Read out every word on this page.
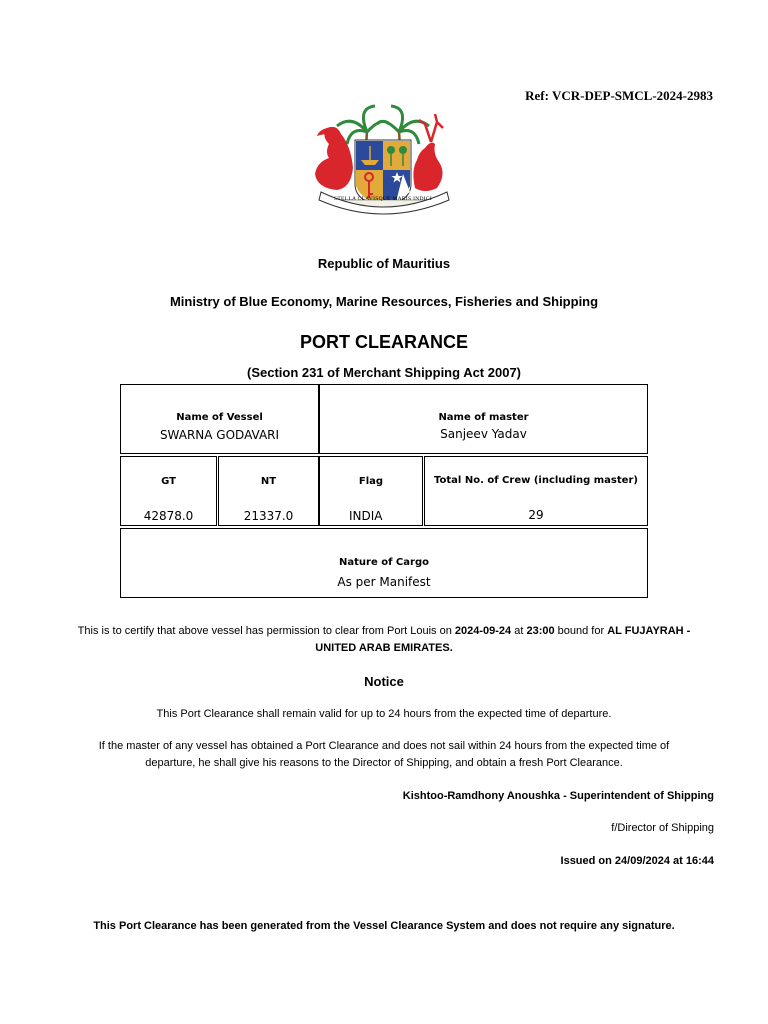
Ref: VCR-DEP-SMCL-2024-2983
STELLA CLAVISQUE MARIS INDICI
Republic of Mauritius
Ministry of Blue Economy, Marine Resources, Fisheries and Shipping
PORT CLEARANCE
(Section 231 of Merchant Shipping Act 2007)
Name of Vessel
SWARNA GODAVARI
Name of master
Sanjeev Yadav
GT
42878.0
NT
21337.0
Flag
INDIA
Total No. of Crew (including master)
29
Nature of Cargo
As per Manifest
This is to certify that above vessel has permission to clear from Port Louis on 2024-09-24 at 23:00 bound for AL FUJAYRAH -
UNITED ARAB EMIRATES.
Notice
This Port Clearance shall remain valid for up to 24 hours from the expected time of departure.
If the master of any vessel has obtained a Port Clearance and does not sail within 24 hours from the expected time of
departure, he shall give his reasons to the Director of Shipping, and obtain a fresh Port Clearance.
Kishtoo-Ramdhony Anoushka - Superintendent of Shipping
f/Director of Shipping
Issued on 24/09/2024 at 16:44
This Port Clearance has been generated from the Vessel Clearance System and does not require any signature.
